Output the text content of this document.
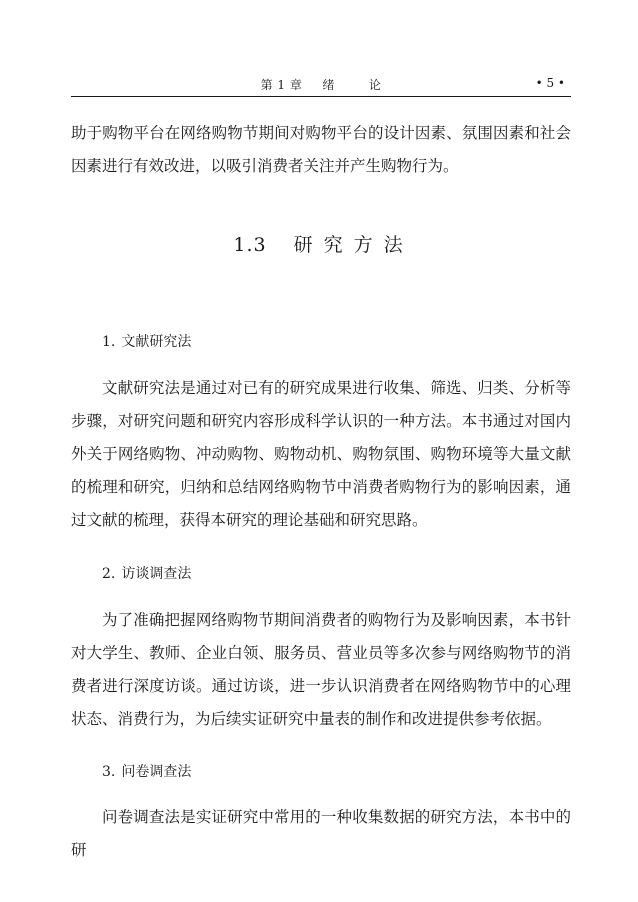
第 1 章 绪	论	• 5 •

助于购物平台在网络购物节期间对购物平台的设计因素、氛围因素和社会因素进行有效改进，以吸引消费者关注并产生购物行为。

1.3 研 究 方 法
1. 文献研究法

文献研究法是通过对已有的研究成果进行收集、筛选、归类、分析等步骤，对研究问题和研究内容形成科学认识的一种方法。本书通过对国内外关于网络购物、冲动购物、购物动机、购物氛围、购物环境等大量文献的梳理和研究，归纳和总结网络购物节中消费者购物行为的影响因素，通过文献的梳理，获得本研究的理论基础和研究思路。

2. 访谈调查法

为了准确把握网络购物节期间消费者的购物行为及影响因素，本书针对大学生、教师、企业白领、服务员、营业员等多次参与网络购物节的消费者进行深度访谈。通过访谈，进一步认识消费者在网络购物节中的心理状态、消费行为，为后续实证研究中量表的制作和改进提供参考依据。

3. 问卷调查法

问卷调查法是实证研究中常用的一种收集数据的研究方法，本书中的研
